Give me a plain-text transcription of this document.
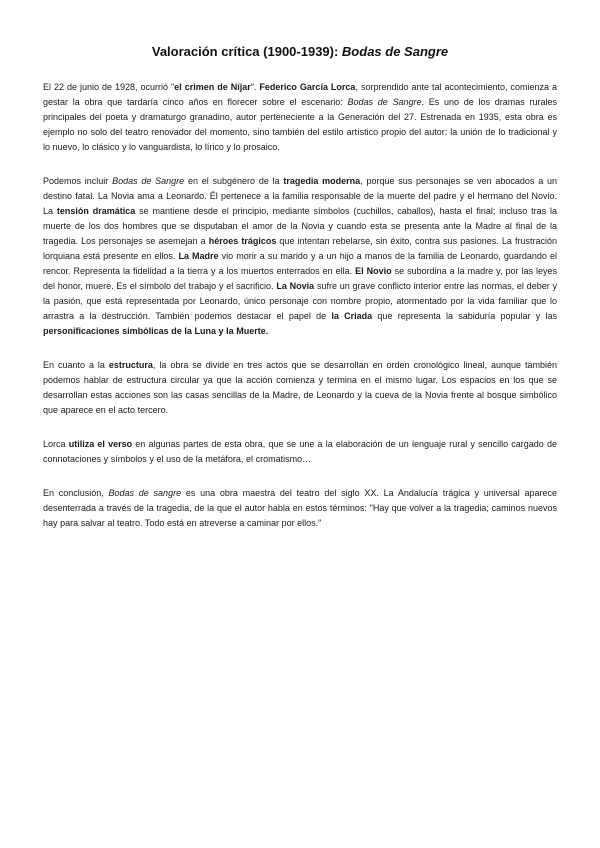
Valoración crítica (1900-1939): Bodas de Sangre

El 22 de junio de 1928, ocurrió "el crimen de Níjar". Federico García Lorca, sorprendido ante tal acontecimiento, comienza a gestar la obra que tardaría cinco años en florecer sobre el escenario: Bodas de Sangre. Es uno de los dramas rurales principales del poeta y dramaturgo granadino, autor perteneciente a la Generación del 27. Estrenada en 1935, esta obra es ejemplo no solo del teatro renovador del momento, sino también del estilo artístico propio del autor: la unión de lo tradicional y lo nuevo, lo clásico y lo vanguardista, lo lírico y lo prosaico.

Podemos incluir Bodas de Sangre en el subgénero de la tragedia moderna, porque sus personajes se ven abocados a un destino fatal. La Novia ama a Leonardo. Él pertenece a la familia responsable de la muerte del padre y el hermano del Novio. La tensión dramática se mantiene desde el principio, mediante símbolos (cuchillos, caballos), hasta el final; incluso tras la muerte de los dos hombres que se disputaban el amor de la Novia y cuando esta se presenta ante la Madre al final de la tragedia. Los personajes se asemejan a héroes trágicos que intentan rebelarse, sin éxito, contra sus pasiones. La frustración lorquiana está presente en ellos. La Madre vio morir a su marido y a un hijo a manos de la familia de Leonardo, guardando el rencor. Representa la fidelidad a la tierra y a los muertos enterrados en ella. El Novio se subordina a la madre y, por las leyes del honor, muere. Es el símbolo del trabajo y el sacrificio. La Novia sufre un grave conflicto interior entre las normas, el deber y la pasión, que está representada por Leonardo, único personaje con nombre propio, atormentado por la vida familiar que lo arrastra a la destrucción. También podemos destacar el papel de la Criada que representa la sabiduría popular y las personificaciones simbólicas de la Luna y la Muerte.

En cuanto a la estructura, la obra se divide en tres actos que se desarrollan en orden cronológico lineal, aunque también podemos hablar de estructura circular ya que la acción comienza y termina en el mismo lugar. Los espacios en los que se desarrollan estas acciones son las casas sencillas de la Madre, de Leonardo y la cueva de la Novia frente al bosque simbólico que aparece en el acto tercero.

Lorca utiliza el verso en algunas partes de esta obra, que se une a la elaboración de un lenguaje rural y sencillo cargado de connotaciones y símbolos y el uso de la metáfora, el cromatismo…

En conclusión, Bodas de sangre es una obra maestra del teatro del siglo XX. La Andalucía trágica y universal aparece desenterrada a través de la tragedia, de la que el autor habla en estos términos: "Hay que volver a la tragedia; caminos nuevos hay para salvar al teatro. Todo está en atreverse a caminar por ellos."
